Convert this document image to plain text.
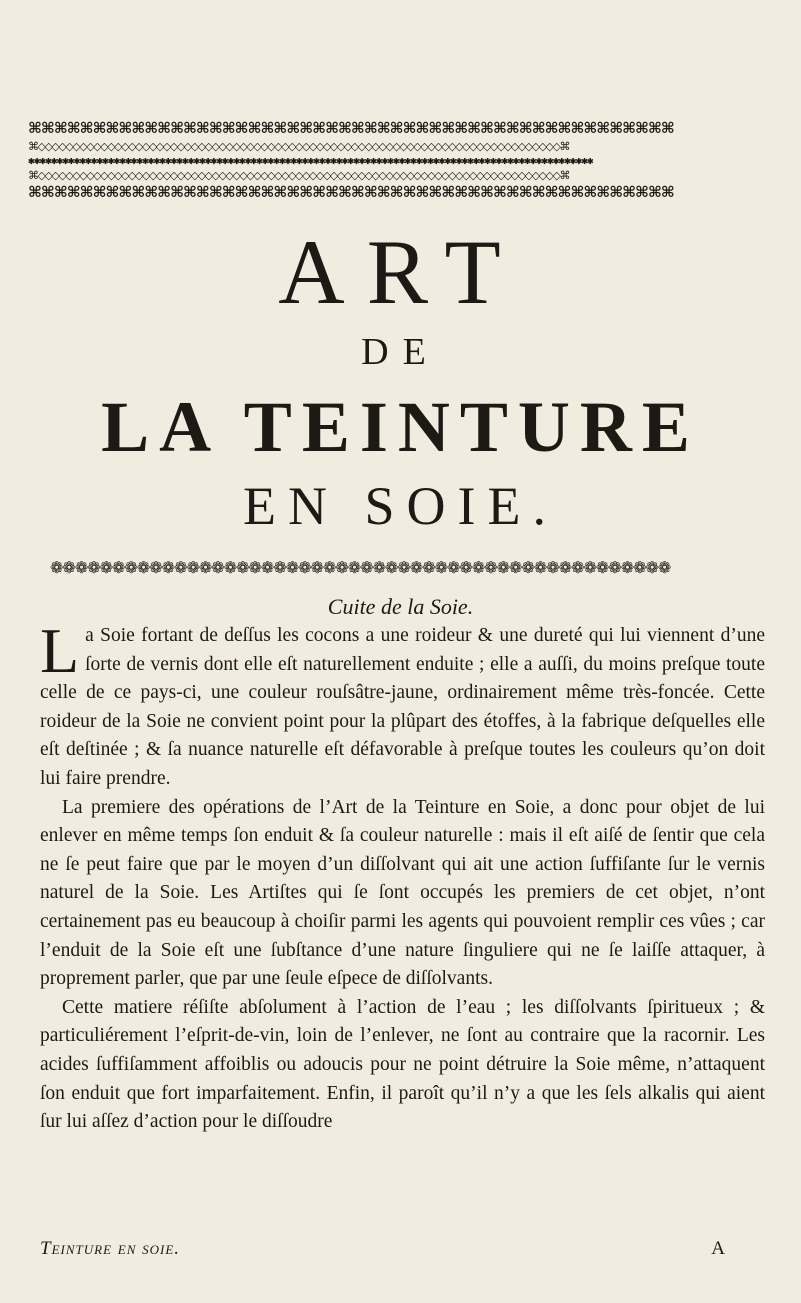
⌘⌘⌘⌘⌘⌘⌘⌘⌘⌘⌘⌘⌘⌘⌘⌘⌘⌘⌘⌘⌘⌘⌘⌘⌘⌘⌘⌘⌘⌘⌘⌘⌘⌘⌘⌘⌘⌘⌘⌘⌘⌘⌘⌘⌘⌘⌘⌘⌘⌘
⌘◇◇◇◇◇◇◇◇◇◇◇◇◇◇◇◇◇◇◇◇◇◇◇◇◇◇◇◇◇◇◇◇◇◇◇◇◇◇◇◇◇◇◇◇◇◇◇◇◇◇◇◇◇◇◇◇◇◇◇◇◇◇◇◇◇◇◇◇◇◇◇◇◇◇◇⌘
✱✱✱✱✱✱✱✱✱✱✱✱✱✱✱✱✱✱✱✱✱✱✱✱✱✱✱✱✱✱✱✱✱✱✱✱✱✱✱✱✱✱✱✱✱✱✱✱✱✱✱✱✱✱✱✱✱✱✱✱✱✱✱✱✱✱✱✱✱✱✱✱✱✱✱✱✱✱✱✱✱✱✱✱✱✱✱✱✱✱✱✱✱✱✱✱✱✱✱
⌘◇◇◇◇◇◇◇◇◇◇◇◇◇◇◇◇◇◇◇◇◇◇◇◇◇◇◇◇◇◇◇◇◇◇◇◇◇◇◇◇◇◇◇◇◇◇◇◇◇◇◇◇◇◇◇◇◇◇◇◇◇◇◇◇◇◇◇◇◇◇◇◇◇◇◇⌘
⌘⌘⌘⌘⌘⌘⌘⌘⌘⌘⌘⌘⌘⌘⌘⌘⌘⌘⌘⌘⌘⌘⌘⌘⌘⌘⌘⌘⌘⌘⌘⌘⌘⌘⌘⌘⌘⌘⌘⌘⌘⌘⌘⌘⌘⌘⌘⌘⌘⌘
ART
DE
LA TEINTURE
EN SOIE.
❁❁❁❁❁❁❁❁❁❁❁❁❁❁❁❁❁❁❁❁❁❁❁❁❁❁❁❁❁❁❁❁❁❁❁❁❁❁❁❁❁❁❁❁❁❁❁❁❁❁
Cuite de la Soie.

La Soie fortant de deſſus les cocons a une roideur & une dureté qui lui viennent d’une ſorte de vernis dont elle eſt naturellement enduite ; elle a auſſi, du moins preſque toute celle de ce pays-ci, une couleur rouſsâtre-jaune, ordinairement même très-foncée. Cette roideur de la Soie ne convient point pour la plûpart des étoffes, à la fabrique deſquelles elle eſt deſtinée ; & ſa nuance naturelle eſt défavorable à preſque toutes les couleurs qu’on doit lui faire prendre.

La premiere des opérations de l’Art de la Teinture en Soie, a donc pour objet de lui enlever en même temps ſon enduit & ſa couleur naturelle : mais il eſt aiſé de ſentir que cela ne ſe peut faire que par le moyen d’un diſſolvant qui ait une action ſuffiſante ſur le vernis naturel de la Soie. Les Artiſtes qui ſe ſont occupés les premiers de cet objet, n’ont certainement pas eu beaucoup à choiſir parmi les agents qui pouvoient remplir ces vûes ; car l’enduit de la Soie eſt une ſubſtance d’une nature ſinguliere qui ne ſe laiſſe attaquer, à proprement parler, que par une ſeule eſpece de diſſolvants.

Cette matiere réſiſte abſolument à l’action de l’eau ; les diſſolvants ſpiritueux ; & particuliérement l’eſprit-de-vin, loin de l’enlever, ne ſont au contraire que la racornir. Les acides ſuffiſamment affoiblis ou adoucis pour ne point détruire la Soie même, n’attaquent ſon enduit que fort imparfaitement. Enfin, il paroît qu’il n’y a que les ſels alkalis qui aient ſur lui aſſez d’action pour le diſſoudre

Teinture en soie.	A
